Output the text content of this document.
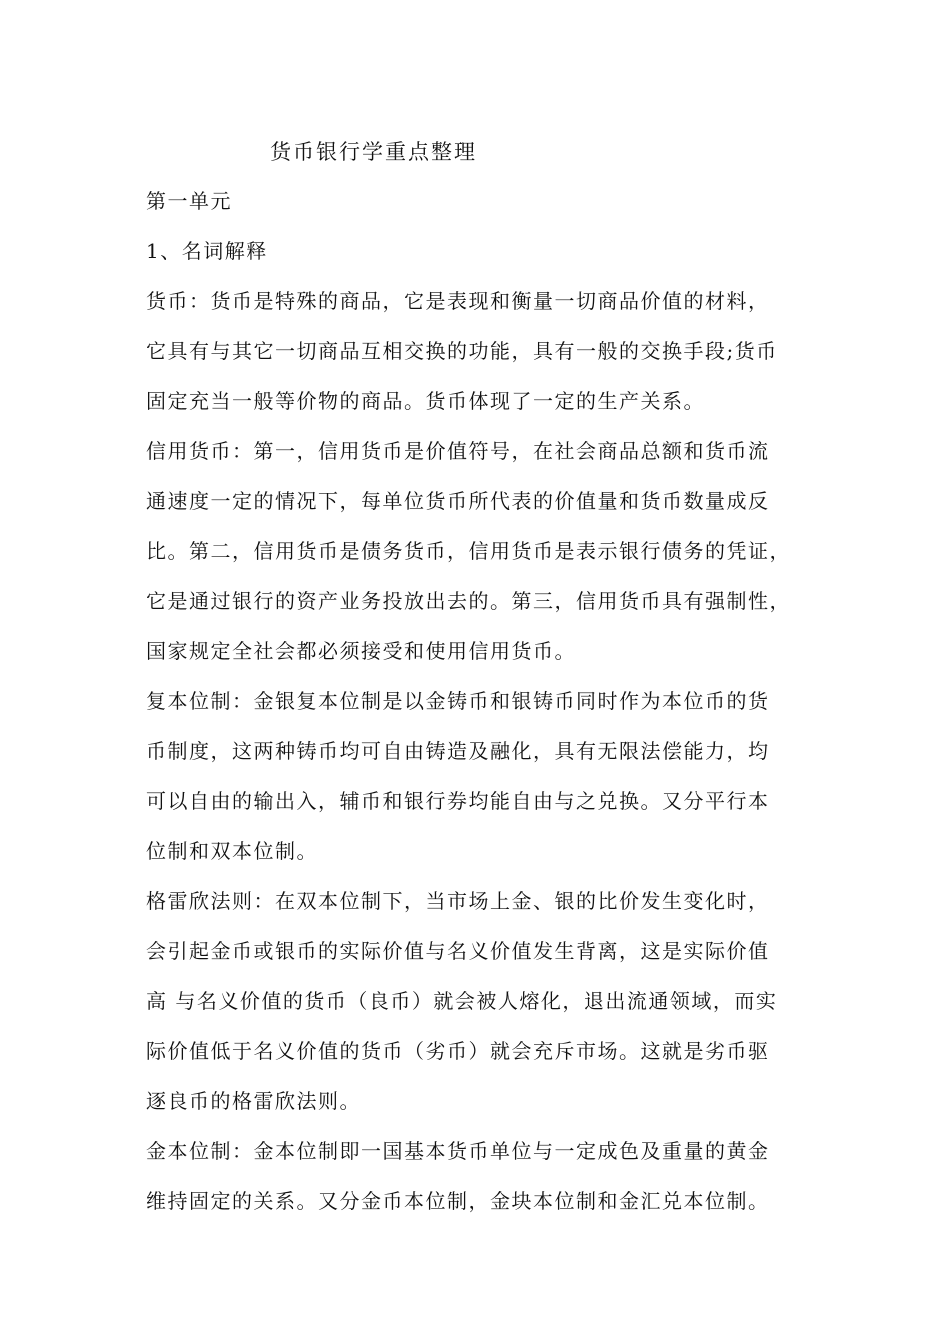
货币银行学重点整理
第一单元
1、名词解释
货币：货币是特殊的商品，它是表现和衡量一切商品价值的材料，
它具有与其它一切商品互相交换的功能，具有一般的交换手段;货币
固定充当一般等价物的商品。货币体现了一定的生产关系。
信用货币：第一，信用货币是价值符号，在社会商品总额和货币流
通速度一定的情况下，每单位货币所代表的价值量和货币数量成反
比。第二，信用货币是债务货币，信用货币是表示银行债务的凭证，
它是通过银行的资产业务投放出去的。第三，信用货币具有强制性，
国家规定全社会都必须接受和使用信用货币。
复本位制：金银复本位制是以金铸币和银铸币同时作为本位币的货
币制度，这两种铸币均可自由铸造及融化，具有无限法偿能力，均
可以自由的输出入，辅币和银行券均能自由与之兑换。又分平行本
位制和双本位制。
格雷欣法则：在双本位制下，当市场上金、银的比价发生变化时，
会引起金币或银币的实际价值与名义价值发生背离，这是实际价值
高 与名义价值的货币（良币）就会被人熔化，退出流通领域，而实
际价值低于名义价值的货币（劣币）就会充斥市场。这就是劣币驱
逐良币的格雷欣法则。
金本位制：金本位制即一国基本货币单位与一定成色及重量的黄金
维持固定的关系。又分金币本位制，金块本位制和金汇兑本位制。
